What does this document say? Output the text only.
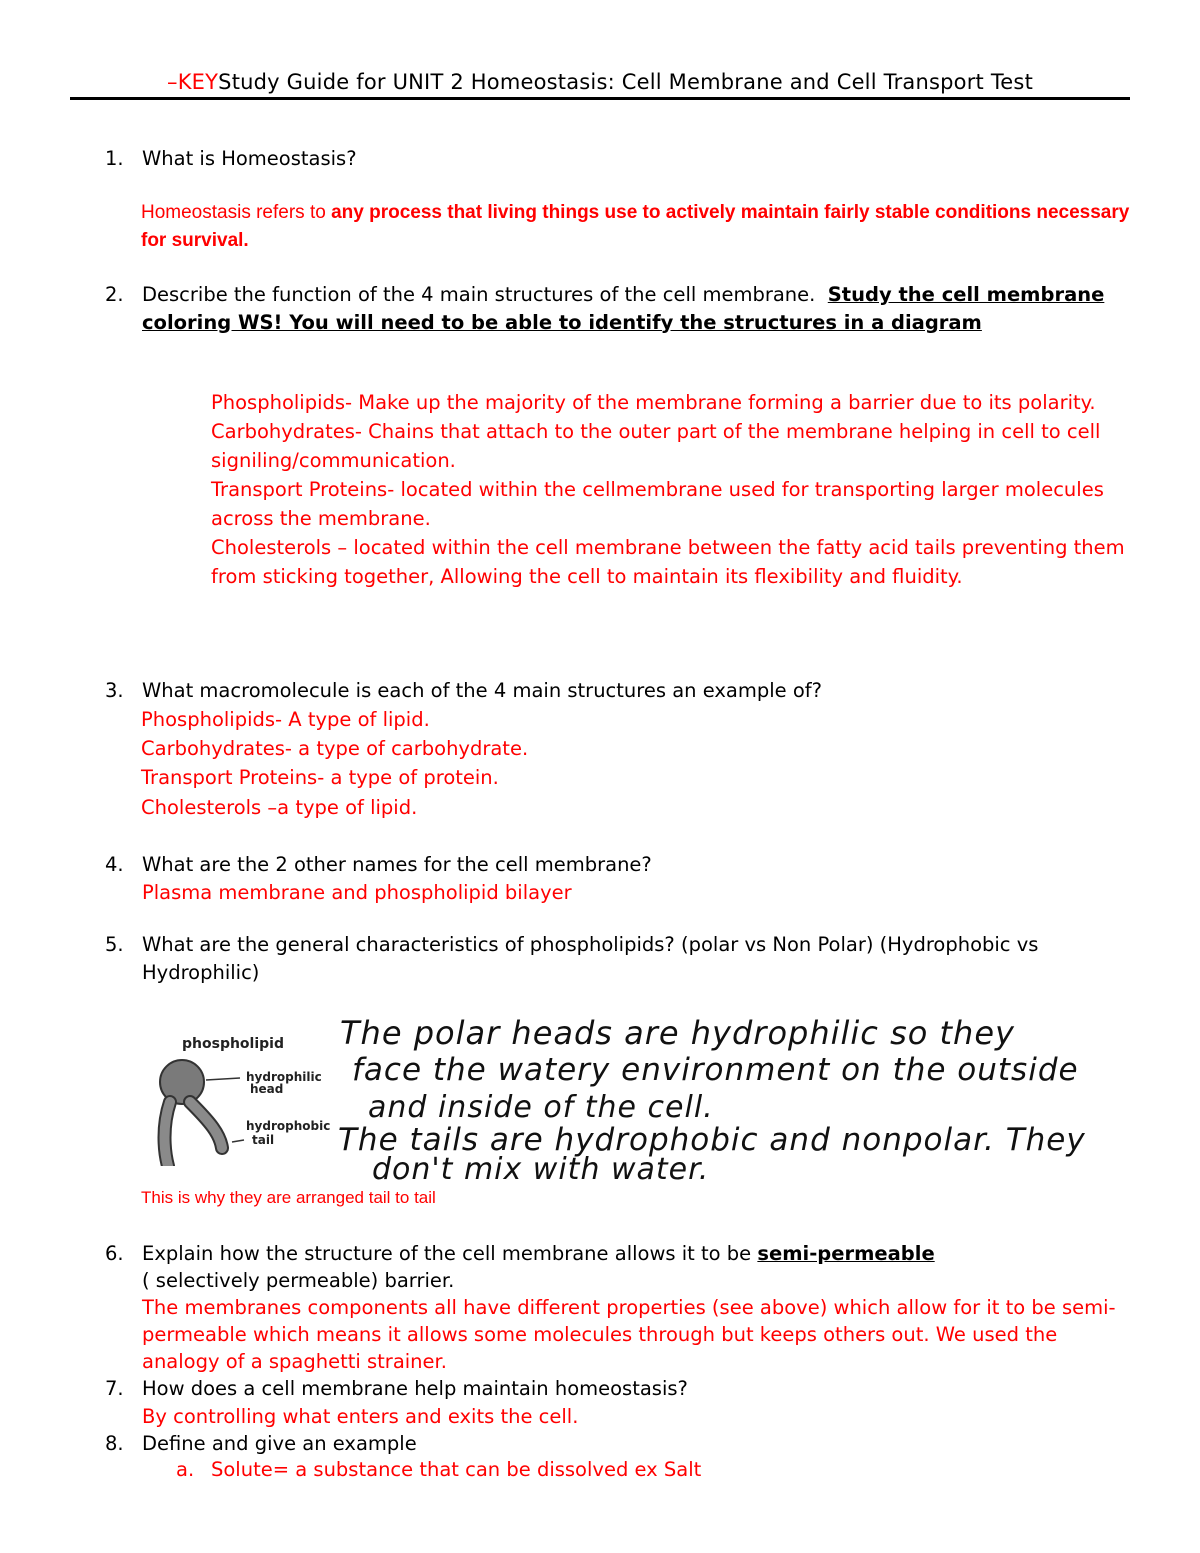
–KEYStudy Guide for UNIT 2 Homeostasis: Cell Membrane and Cell Transport Test
1. What is Homeostasis?
Homeostasis refers to any process that living things use to actively maintain fairly stable conditions necessary for survival.
2. Describe the function of the 4 main structures of the cell membrane. Study the cell membrane coloring WS! You will need to be able to identify the structures in a diagram

Phospholipids- Make up the majority of the membrane forming a barrier due to its polarity.

Carbohydrates- Chains that attach to the outer part of the membrane helping in cell to cell signiling/communication.

Transport Proteins- located within the cellmembrane used for transporting larger molecules across the membrane.

Cholesterols – located within the cell membrane between the fatty acid tails preventing them from sticking together, Allowing the cell to maintain its flexibility and fluidity.

3. What macromolecule is each of the 4 main structures an example of?

Phospholipids- A type of lipid.

Carbohydrates- a type of carbohydrate.

Transport Proteins- a type of protein.

Cholesterols –a type of lipid.

4. What are the 2 other names for the cell membrane?
Plasma membrane and phospholipid bilayer
5. What are the general characteristics of phospholipids? (polar vs Non Polar) (Hydrophobic vs Hydrophilic)
phospholipid
hydrophilic
head
hydrophobic
tail
The polar heads are hydrophilic so they
face the watery environment on the outside
and inside of the cell.
The tails are hydrophobic and nonpolar. They
don't mix with water.
This is why they are arranged tail to tail
6. Explain how the structure of the cell membrane allows it to be semi-permeable
( selectively permeable) barrier.
The membranes components all have different properties (see above) which allow for it to be semi-permeable which means it allows some molecules through but keeps others out. We used the analogy of a spaghetti strainer.
7. How does a cell membrane help maintain homeostasis?
By controlling what enters and exits the cell.
8. Define and give an example
a. Solute= a substance that can be dissolved ex Salt
